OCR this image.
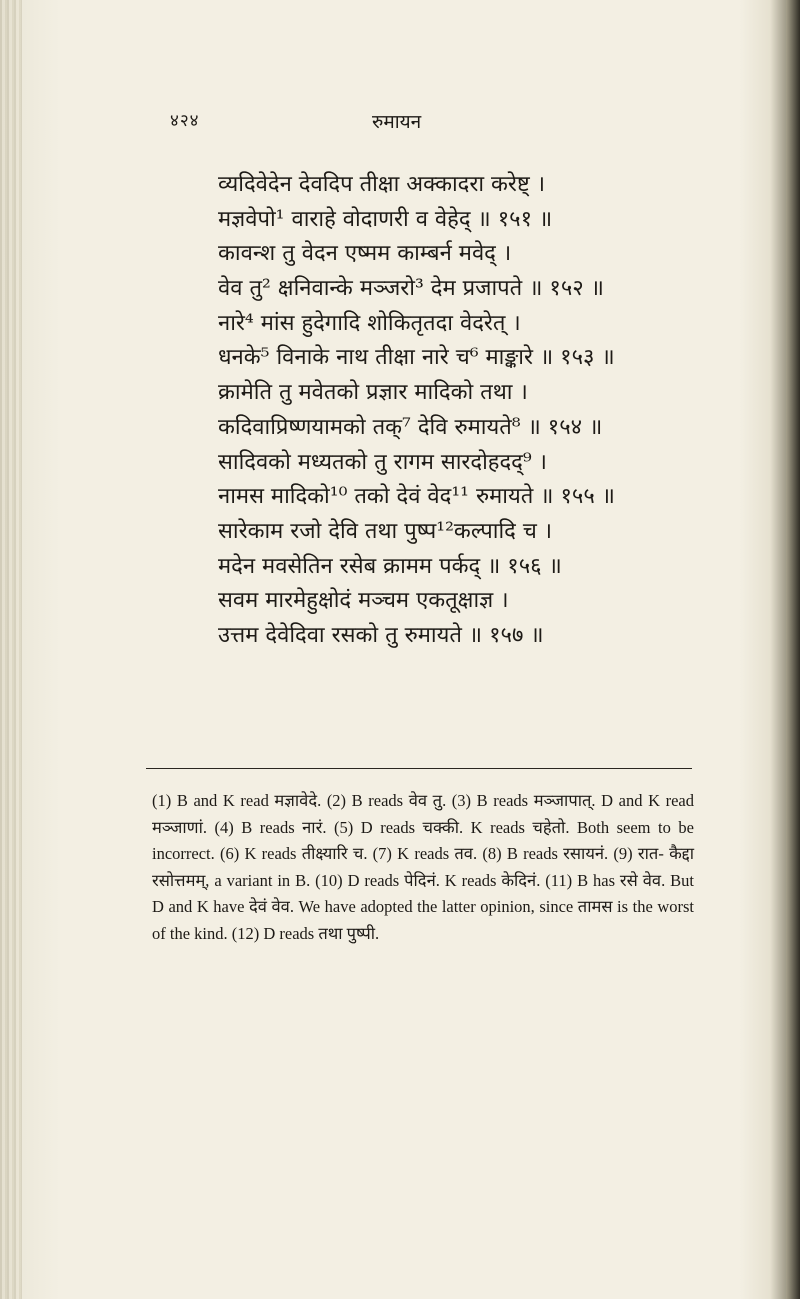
४२४	रुमायन
व्यदिवेदेन देवदिप तीक्षा अक्कादरा करेष्ट् ।
मज्ञवेपो¹ वाराहे वोदाणरी व वेहेद् ॥ १५१ ॥
कावन्श तु वेदन एष्मम काम्बर्न मवेद् ।
वेव तु² क्षनिवान्के मञ्जरो³ देम प्रजापते ॥ १५२ ॥
नारे⁴ मांस हुदेगादि शोकितृतदा वेदरेत् ।
धनके⁵ विनाके नाथ तीक्षा नारे च⁶ माङ्कारे ॥ १५३ ॥
क्रामेति तु मवेतको प्रज्ञार मादिको तथा ।
कदिवाप्रिष्णयामको तक्⁷ देवि रुमायते⁸ ॥ १५४ ॥
सादिवको मध्यतको तु रागम सारदोहदद्⁹ ।
नामस मादिको¹⁰ तको देवं वेद¹¹ रुमायते ॥ १५५ ॥
सारेकाम रजो देवि तथा पुष्प¹²कल्पादि च ।
मदेन मवसेतिन रसेब क्रामम पर्कद् ॥ १५६ ॥
सवम मारमेहुक्षोदं मञ्चम एकतूक्षाज्ञ ।
उत्तम देवेदिवा रसको तु रुमायते ॥ १५७ ॥

(1) B and K read मज्ञावेदे. (2) B reads वेव तु. (3) B reads मञ्जापात्. D and K read मञ्जाणां. (4) B reads नारं. (5) D reads चक्की. K reads चहेतो. Both seem to be incorrect. (6) K reads तीक्ष्यारि च. (7) K reads तव. (8) B reads रसायनं. (9) रात- कैद्दा रसोत्तमम्, a variant in B. (10) D reads पेदिनं. K reads केदिनं. (11) B has रसे वेव. But D and K have देवं वेव. We have adopted the latter opinion, since तामस is the worst of the kind. (12) D reads तथा पुष्पी.
